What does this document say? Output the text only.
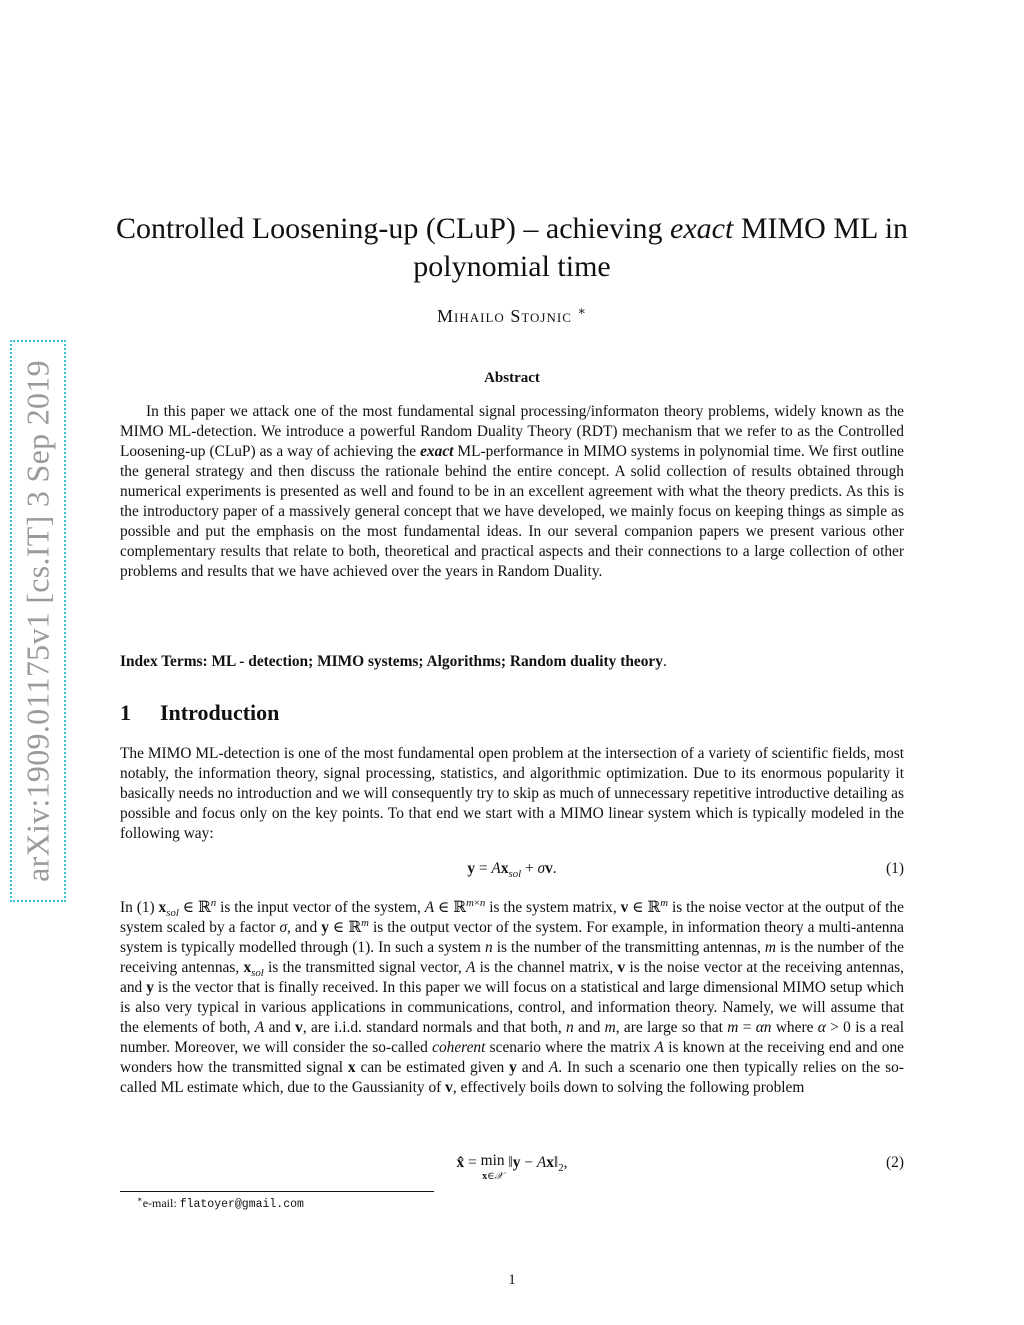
arXiv:1909.01175v1 [cs.IT] 3 Sep 2019
Controlled Loosening-up (CLuP) – achieving exact MIMO ML in polynomial time
Mihailo Stojnic ∗
Abstract
In this paper we attack one of the most fundamental signal processing/informaton theory problems, widely known as the MIMO ML-detection. We introduce a powerful Random Duality Theory (RDT) mechanism that we refer to as the Controlled Loosening-up (CLuP) as a way of achieving the exact ML-performance in MIMO systems in polynomial time. We first outline the general strategy and then discuss the rationale behind the entire concept. A solid collection of results obtained through numerical experiments is presented as well and found to be in an excellent agreement with what the theory predicts. As this is the introductory paper of a massively general concept that we have developed, we mainly focus on keeping things as simple as possible and put the emphasis on the most fundamental ideas. In our several companion papers we present various other complementary results that relate to both, theoretical and practical aspects and their connections to a large collection of other problems and results that we have achieved over the years in Random Duality.
Index Terms: ML - detection; MIMO systems; Algorithms; Random duality theory.
1 Introduction
The MIMO ML-detection is one of the most fundamental open problem at the intersection of a variety of scientific fields, most notably, the information theory, signal processing, statistics, and algorithmic optimization. Due to its enormous popularity it basically needs no introduction and we will consequently try to skip as much of unnecessary repetitive introductive detailing as possible and focus only on the key points. To that end we start with a MIMO linear system which is typically modeled in the following way:
$y = Ax_{sol} + \sigma v$.	(1)
In (1) $x_{sol}$ ∈ ℝ$^n$ is the input vector of the system, A ∈ ℝ$^{m\times n}$ is the system matrix, v ∈ ℝ$^m$ is the noise vector at the output of the system scaled by a factor σ, and y ∈ ℝ$^m$ is the output vector of the system. For example, in information theory a multi-antenna system is typically modelled through (1). In such a system n is the number of the transmitting antennas, m is the number of the receiving antennas, $x_{sol}$ is the transmitted signal vector, A is the channel matrix, v is the noise vector at the receiving antennas, and y is the vector that is finally received. In this paper we will focus on a statistical and large dimensional MIMO setup which is also very typical in various applications in communications, control, and information theory. Namely, we will assume that the elements of both, A and v, are i.i.d. standard normals and that both, n and m, are large so that m = αn where α > 0 is a real number. Moreover, we will consider the so-called coherent scenario where the matrix A is known at the receiving end and one wonders how the transmitted signal x can be estimated given y and A. In such a scenario one then typically relies on the so-called ML estimate which, due to the Gaussianity of v, effectively boils down to solving the following problem
x̂ = min
x∈𝒳 ‖y − $Ax‖_2$,	(2)
∗e-mail: flatoyer@gmail.com
1
